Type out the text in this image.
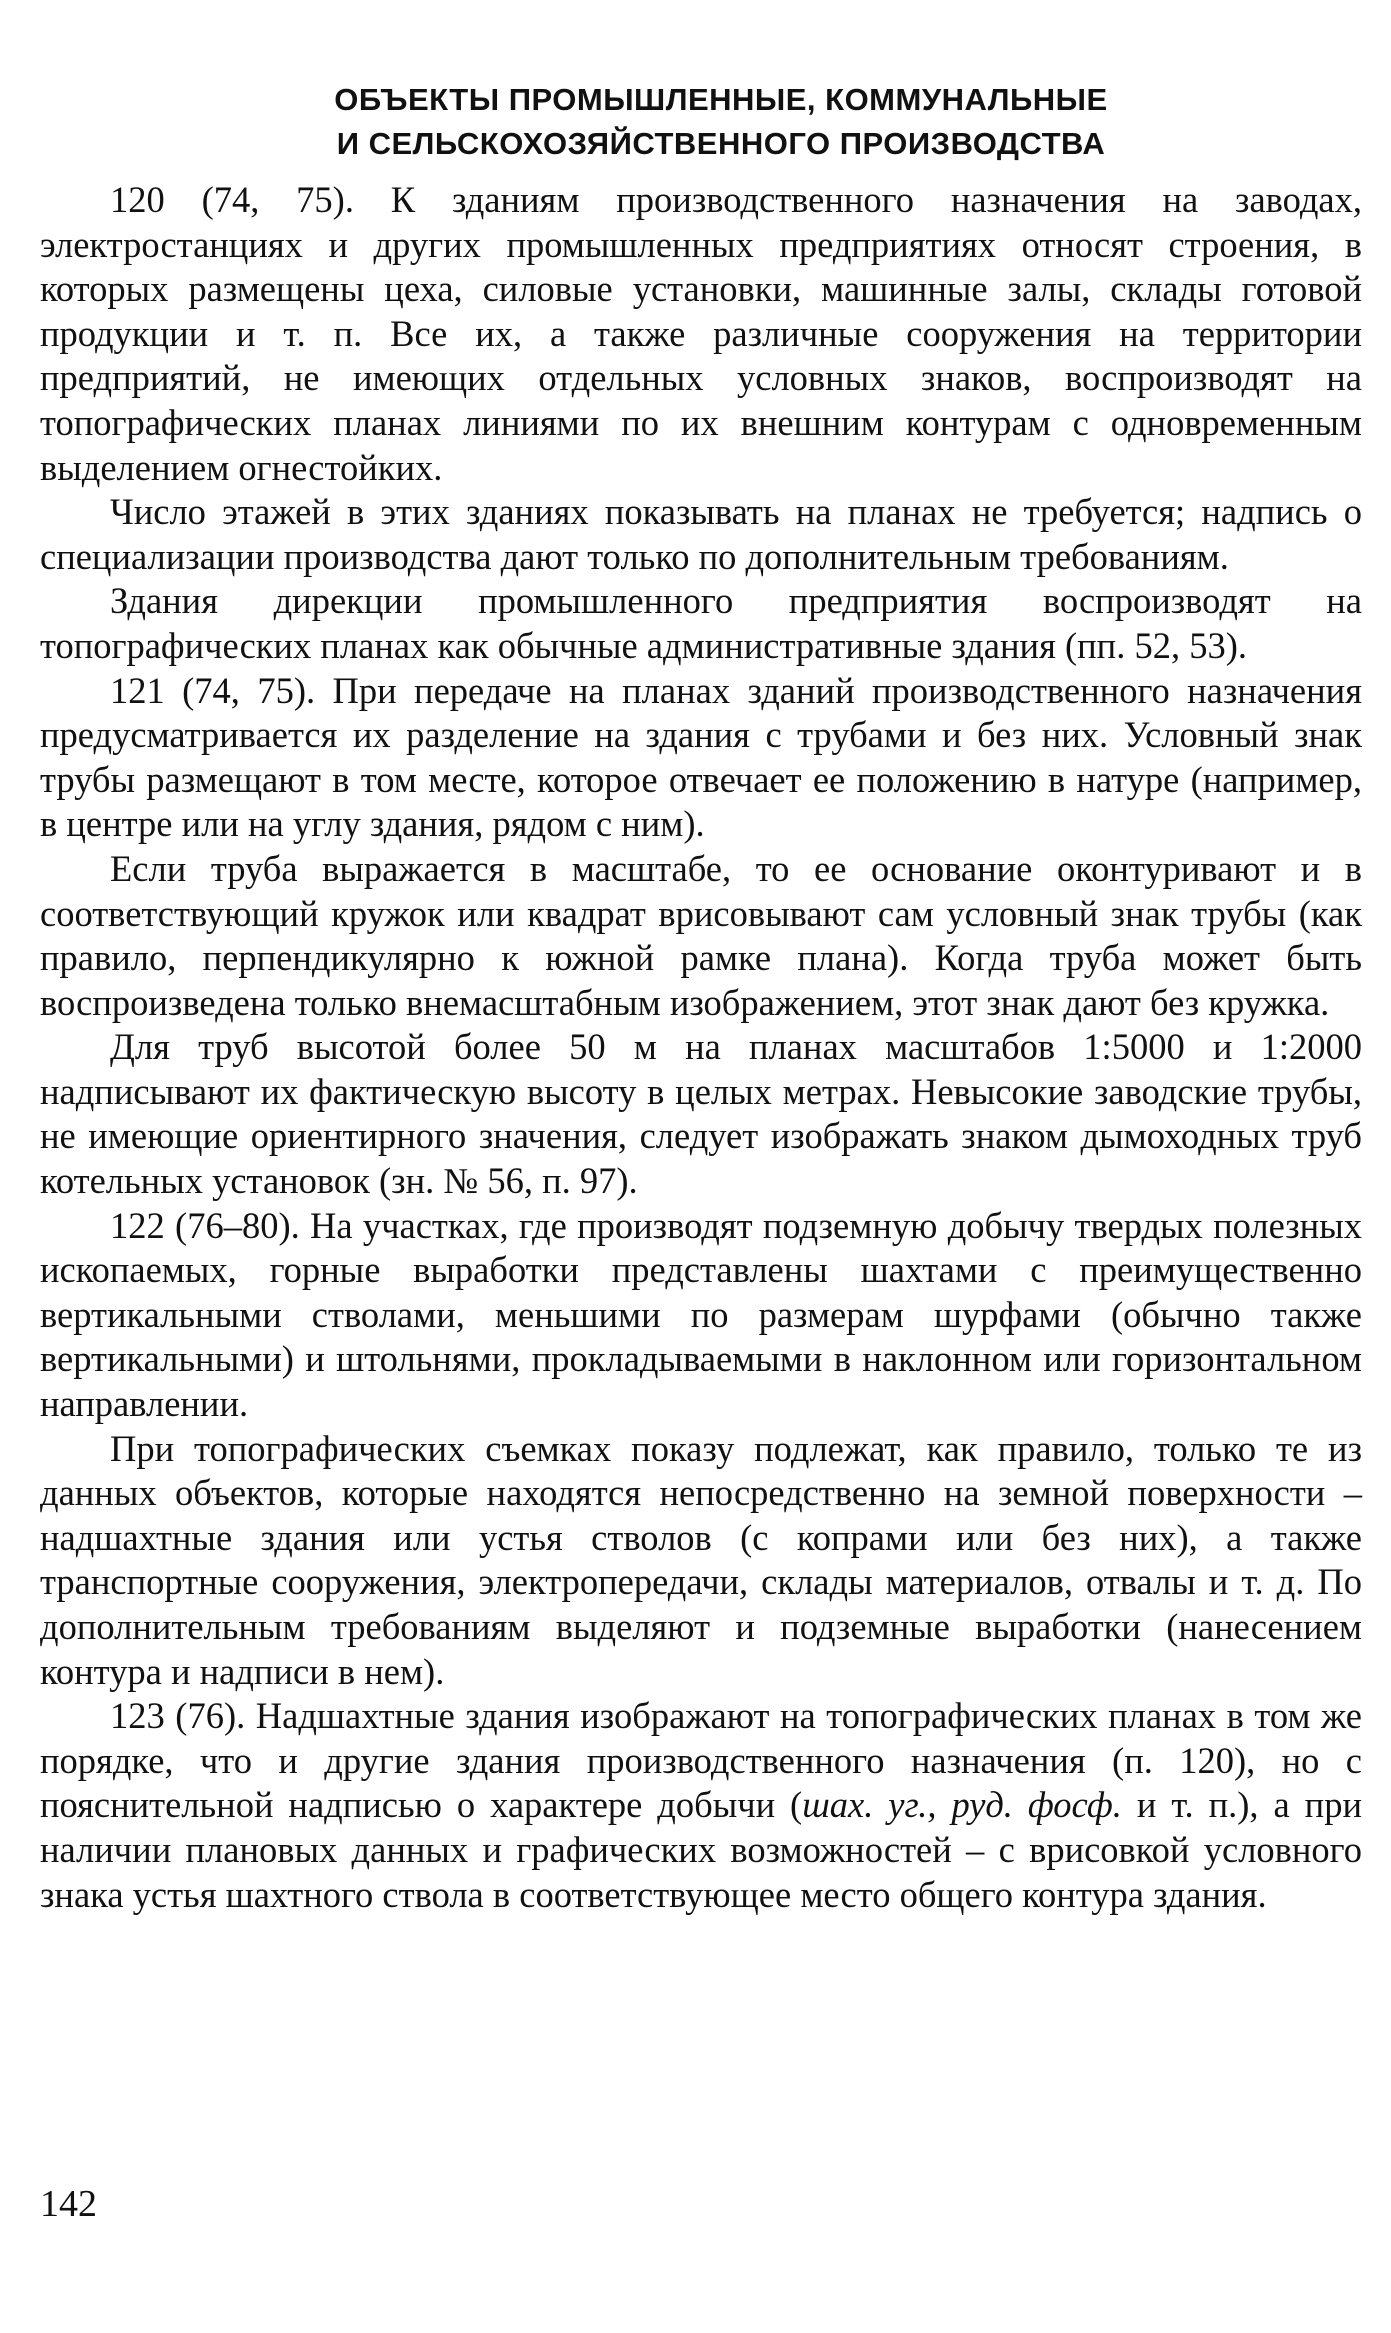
ОБЪЕКТЫ ПРОМЫШЛЕННЫЕ, КОММУНАЛЬНЫЕ
И СЕЛЬСКОХОЗЯЙСТВЕННОГО ПРОИЗВОДСТВА

120 (74, 75). К зданиям производственного назначения на заводах, электростанциях и других промышленных предприятиях относят строения, в которых размещены цеха, силовые установки, машинные залы, склады готовой продукции и т. п. Все их, а также различные сооружения на территории предприятий, не имеющих отдельных условных знаков, воспроизводят на топографических планах линиями по их внешним контурам с одновременным выделением огнестойких.

Число этажей в этих зданиях показывать на планах не требуется; надпись о специализации производства дают только по дополнительным требованиям.

Здания дирекции промышленного предприятия воспроизводят на топографических планах как обычные административные здания (пп. 52, 53).

121 (74, 75). При передаче на планах зданий производственного назначения предусматривается их разделение на здания с трубами и без них. Условный знак трубы размещают в том месте, которое отвечает ее положению в натуре (например, в центре или на углу здания, рядом с ним).

Если труба выражается в масштабе, то ее основание оконтуривают и в соответствующий кружок или квадрат врисовывают сам условный знак трубы (как правило, перпендикулярно к южной рамке плана). Когда труба может быть воспроизведена только внемасштабным изображением, этот знак дают без кружка.

Для труб высотой более 50 м на планах масштабов 1:5000 и 1:2000 надписывают их фактическую высоту в целых метрах. Невысокие заводские трубы, не имеющие ориентирного значения, следует изображать знаком дымоходных труб котельных установок (зн. № 56, п. 97).

122 (76–80). На участках, где производят подземную добычу твердых полезных ископаемых, горные выработки представлены шахтами с преимущественно вертикальными стволами, меньшими по размерам шурфами (обычно также вертикальными) и штольнями, прокладываемыми в наклонном или горизонтальном направлении.

При топографических съемках показу подлежат, как правило, только те из данных объектов, которые находятся непосредственно на земной поверхности – надшахтные здания или устья стволов (с копрами или без них), а также транспортные сооружения, электропередачи, склады материалов, отвалы и т. д. По дополнительным требованиям выделяют и подземные выработки (нанесением контура и надписи в нем).

123 (76). Надшахтные здания изображают на топографических планах в том же порядке, что и другие здания производственного назначения (п. 120), но с пояснительной надписью о характере добычи (шах. уг., руд. фосф. и т. п.), а при наличии плановых данных и графических возможностей – с врисовкой условного знака устья шахтного ствола в соответствующее место общего контура здания.

142
